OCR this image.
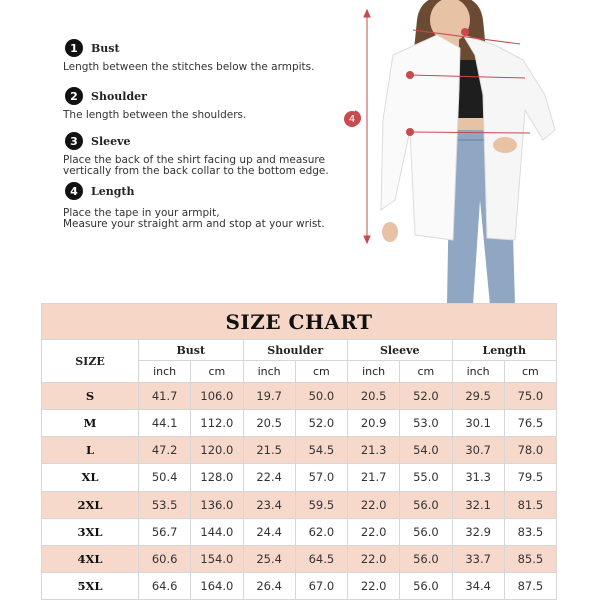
1	Bust
Length between the stitches below the armpits.
2	Shoulder
The length between the shoulders.
3	Sleeve
Place the back of the shirt facing up and measure
vertically from the back collar to the bottom edge.
4	Length
Place the tape in your armpit,
Measure your straight arm and stop at your wrist.
4
SIZE CHART								
SIZE	Bust		Shoulder		Sleeve		Length	
	inch	cm	inch	cm	inch	cm	inch	cm
S	41.7	106.0	19.7	50.0	20.5	52.0	29.5	75.0
M	44.1	112.0	20.5	52.0	20.9	53.0	30.1	76.5
L	47.2	120.0	21.5	54.5	21.3	54.0	30.7	78.0
XL	50.4	128.0	22.4	57.0	21.7	55.0	31.3	79.5
2XL	53.5	136.0	23.4	59.5	22.0	56.0	32.1	81.5
3XL	56.7	144.0	24.4	62.0	22.0	56.0	32.9	83.5
4XL	60.6	154.0	25.4	64.5	22.0	56.0	33.7	85.5
5XL	64.6	164.0	26.4	67.0	22.0	56.0	34.4	87.5
